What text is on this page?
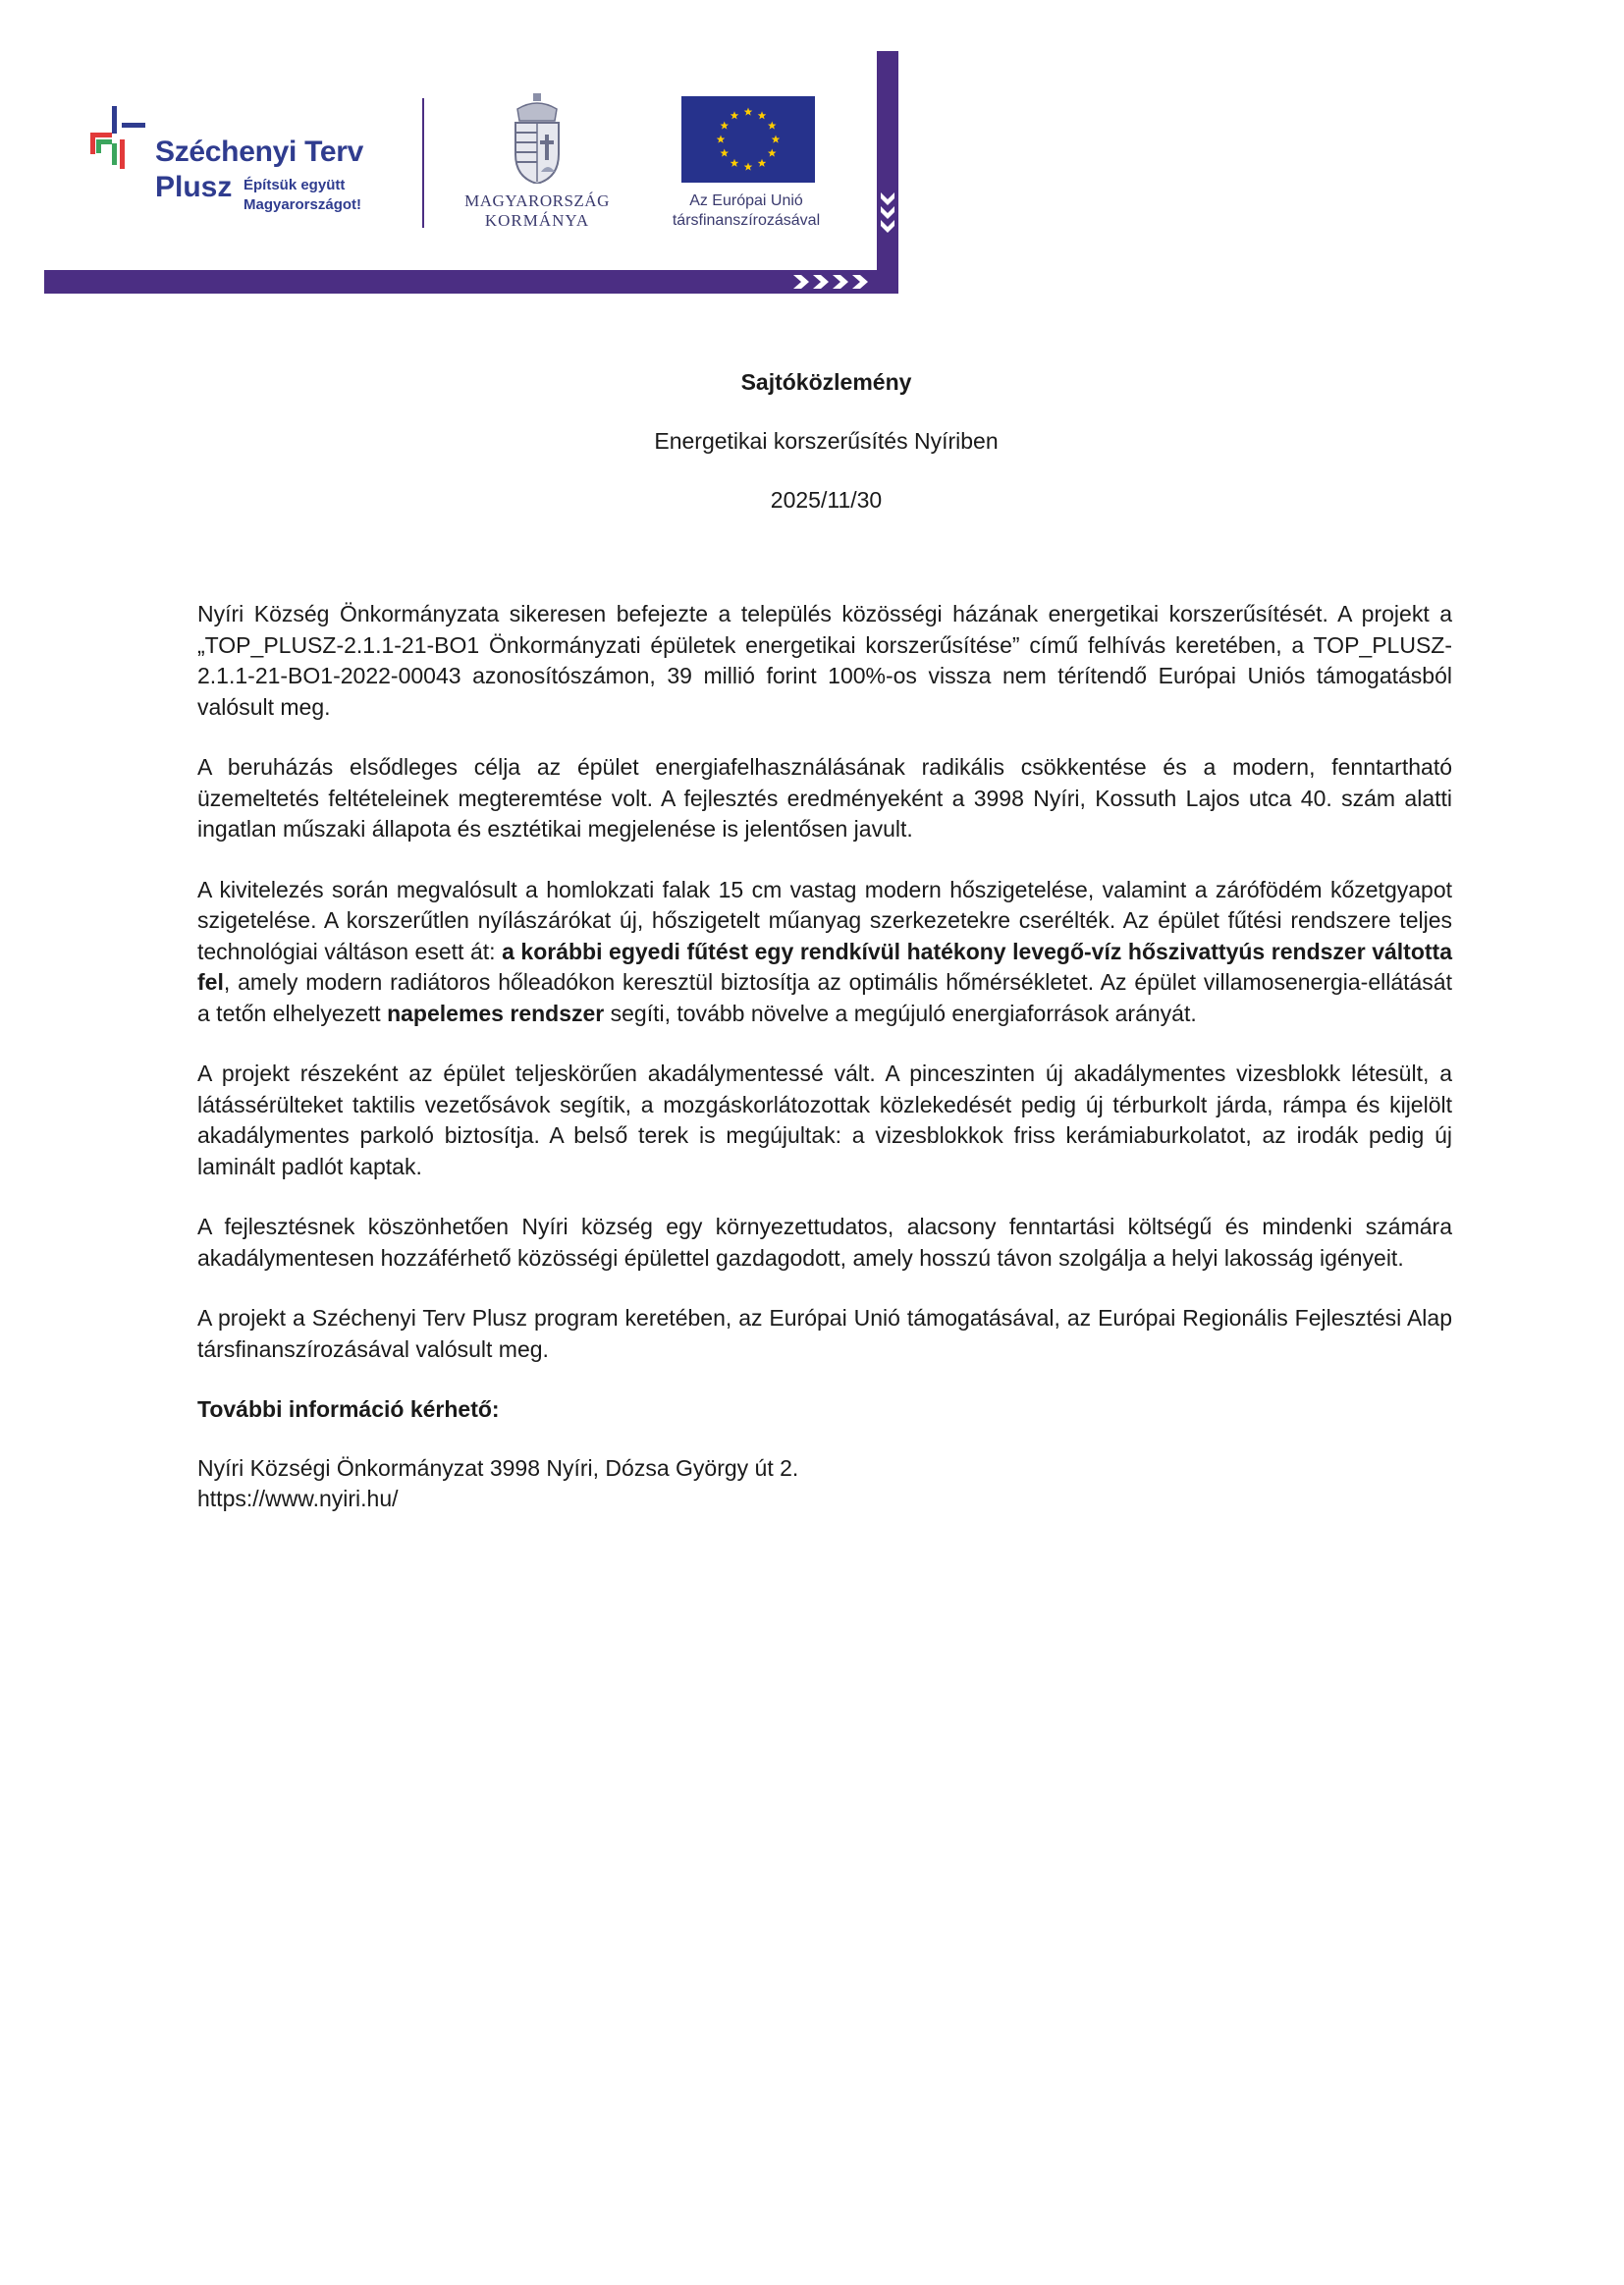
Széchenyi Terv
Plusz Építsük együtt
Magyarországot!	MAGYARORSZÁG
KORMÁNYA
Az Európai Unió
társfinanszírozásával
Sajtóközlemény
Energetikai korszerűsítés Nyíriben
2025/11/30

Nyíri Község Önkormányzata sikeresen befejezte a település közösségi házának energetikai korszerűsítését. A projekt a „TOP_PLUSZ-2.1.1-21-BO1 Önkormányzati épületek energetikai korszerűsítése” című felhívás keretében, a TOP_PLUSZ-2.1.1-21-BO1-2022-00043 azonosítószámon, 39 millió forint 100%-os vissza nem térítendő Európai Uniós támogatásból valósult meg.

A beruházás elsődleges célja az épület energiafelhasználásának radikális csökkentése és a modern, fenntartható üzemeltetés feltételeinek megteremtése volt. A fejlesztés eredményeként a 3998 Nyíri, Kossuth Lajos utca 40. szám alatti ingatlan műszaki állapota és esztétikai megjelenése is jelentősen javult.

A kivitelezés során megvalósult a homlokzati falak 15 cm vastag modern hőszigetelése, valamint a zárófödém kőzetgyapot szigetelése. A korszerűtlen nyílászárókat új, hőszigetelt műanyag szerkezetekre cserélték. Az épület fűtési rendszere teljes technológiai váltáson esett át: a korábbi egyedi fűtést egy rendkívül hatékony levegő-víz hőszivattyús rendszer váltotta fel, amely modern radiátoros hőleadókon keresztül biztosítja az optimális hőmérsékletet. Az épület villamosenergia-ellátását a tetőn elhelyezett napelemes rendszer segíti, tovább növelve a megújuló energiaforrások arányát.

A projekt részeként az épület teljeskörűen akadálymentessé vált. A pinceszinten új akadálymentes vizesblokk létesült, a látássérülteket taktilis vezetősávok segítik, a mozgáskorlátozottak közlekedését pedig új térburkolt járda, rámpa és kijelölt akadálymentes parkoló biztosítja. A belső terek is megújultak: a vizesblokkok friss kerámiaburkolatot, az irodák pedig új laminált padlót kaptak.

A fejlesztésnek köszönhetően Nyíri község egy környezettudatos, alacsony fenntartási költségű és mindenki számára akadálymentesen hozzáférhető közösségi épülettel gazdagodott, amely hosszú távon szolgálja a helyi lakosság igényeit.

A projekt a Széchenyi Terv Plusz program keretében, az Európai Unió támogatásával, az Európai Regionális Fejlesztési Alap társfinanszírozásával valósult meg.

További információ kérhető:

Nyíri Községi Önkormányzat 3998 Nyíri, Dózsa György út 2.

https://www.nyiri.hu/
